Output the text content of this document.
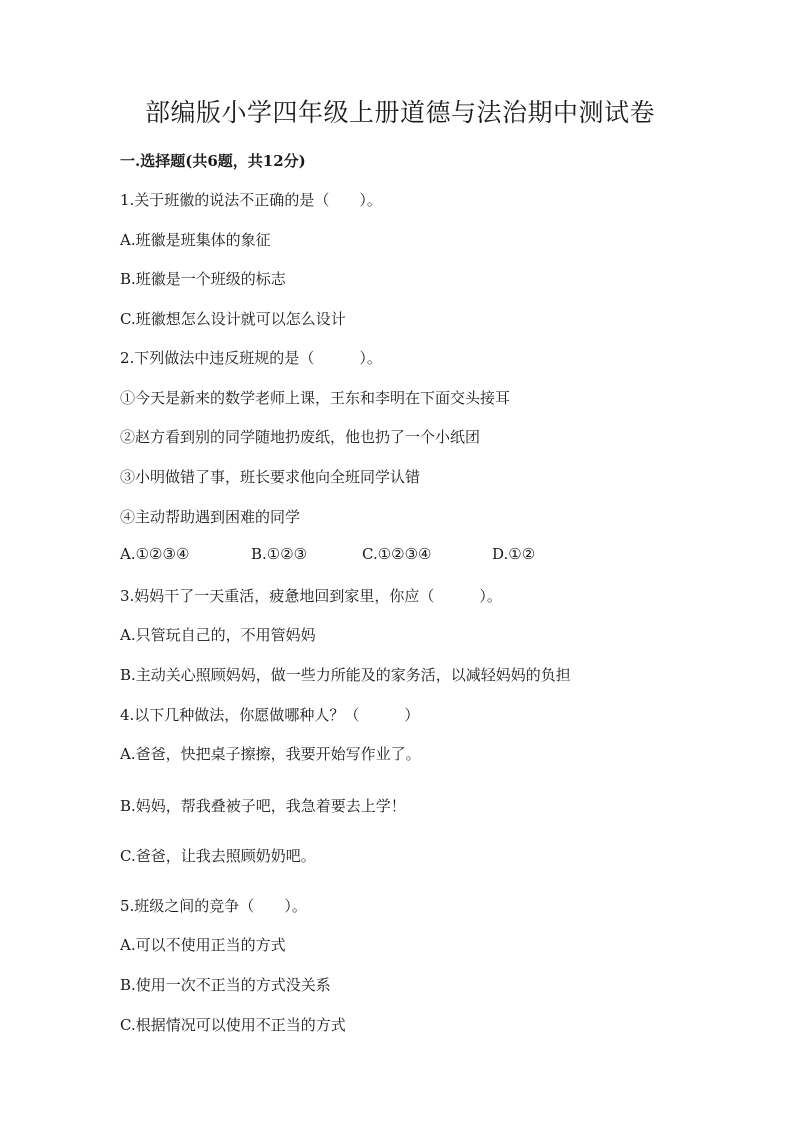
部编版小学四年级上册道德与法治期中测试卷
一.选择题(共6题，共12分)
1.关于班徽的说法不正确的是（　　）。
A.班徽是班集体的象征
B.班徽是一个班级的标志
C.班徽想怎么设计就可以怎么设计
2.下列做法中违反班规的是（　　　）。
①今天是新来的数学老师上课，王东和李明在下面交头接耳
②赵方看到别的同学随地扔废纸，他也扔了一个小纸团
③小明做错了事，班长要求他向全班同学认错
④主动帮助遇到困难的同学
A.①②③④	B.①②③	C.①②③④	D.①②
3.妈妈干了一天重活，疲惫地回到家里，你应（　　　）。
A.只管玩自己的，不用管妈妈
B.主动关心照顾妈妈，做一些力所能及的家务活，以减轻妈妈的负担
4.以下几种做法，你愿做哪种人？（　　　）
A.爸爸，快把桌子擦擦，我要开始写作业了。
B.妈妈，帮我叠被子吧，我急着要去上学！
C.爸爸，让我去照顾奶奶吧。
5.班级之间的竞争（　　）。
A.可以不使用正当的方式
B.使用一次不正当的方式没关系
C.根据情况可以使用不正当的方式
